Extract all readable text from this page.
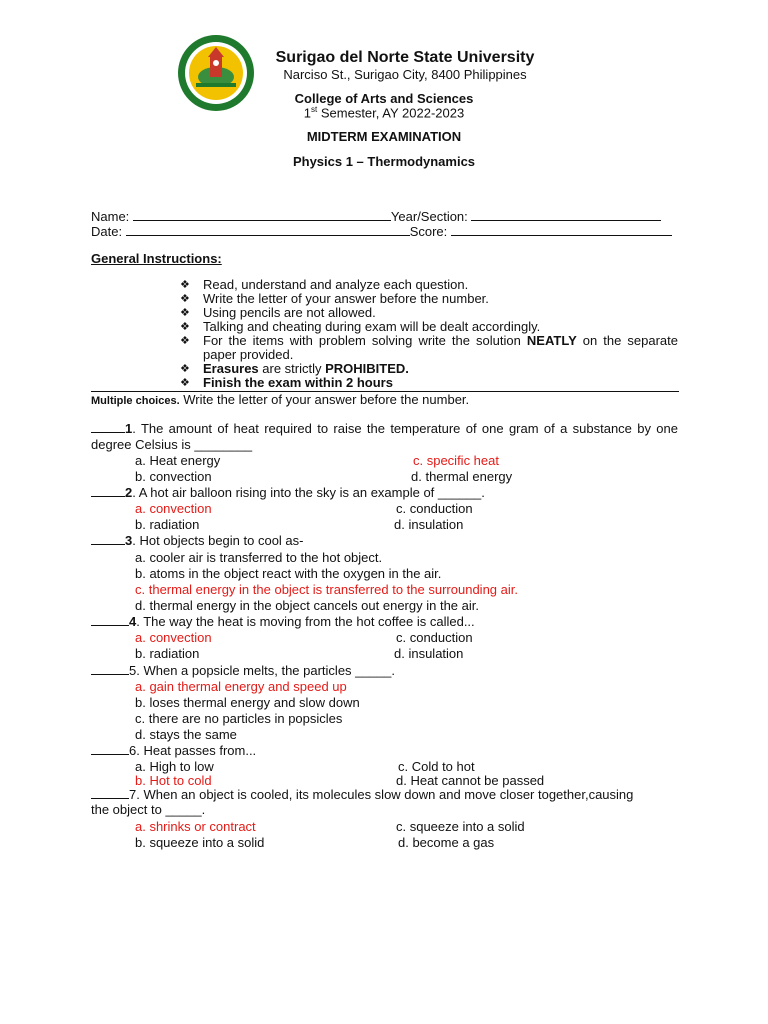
Surigao del Norte State University
Narciso St., Surigao City, 8400 Philippines
College of Arts and Sciences
1st Semester, AY 2022-2023
MIDTERM EXAMINATION
Physics 1 – Thermodynamics
Name:	Year/Section:
Date:	Score:
General Instructions:
❖ Read, understand and analyze each question.
❖ Write the letter of your answer before the number.
❖ Using pencils are not allowed.
❖ Talking and cheating during exam will be dealt accordingly.
❖ For the items with problem solving write the solution NEATLY on the separate paper provided.
❖ Erasures are strictly PROHIBITED.
❖ Finish the exam within 2 hours
Multiple choices. Write the letter of your answer before the number.
1. The amount of heat required to raise the temperature of one gram of a substance by one degree Celsius is ________
a. Heat energy	c. specific heat
b. convection	d. thermal energy
2. A hot air balloon rising into the sky is an example of ______.
a. convection	c. conduction
b. radiation	d. insulation
3. Hot objects begin to cool as-
a. cooler air is transferred to the hot object.
b. atoms in the object react with the oxygen in the air.
c. thermal energy in the object is transferred to the surrounding air.
d. thermal energy in the object cancels out energy in the air.
4. The way the heat is moving from the hot coffee is called...
a. convection	c. conduction
b. radiation	d. insulation
5. When a popsicle melts, the particles _____.
a. gain thermal energy and speed up
b. loses thermal energy and slow down
c. there are no particles in popsicles
d. stays the same
6. Heat passes from...
a. High to low	c. Cold to hot
b. Hot to cold	d. Heat cannot be passed
7. When an object is cooled, its molecules slow down and move closer together,causing
the object to _____.
a. shrinks or contract	c. squeeze into a solid
b. squeeze into a solid	d. become a gas
